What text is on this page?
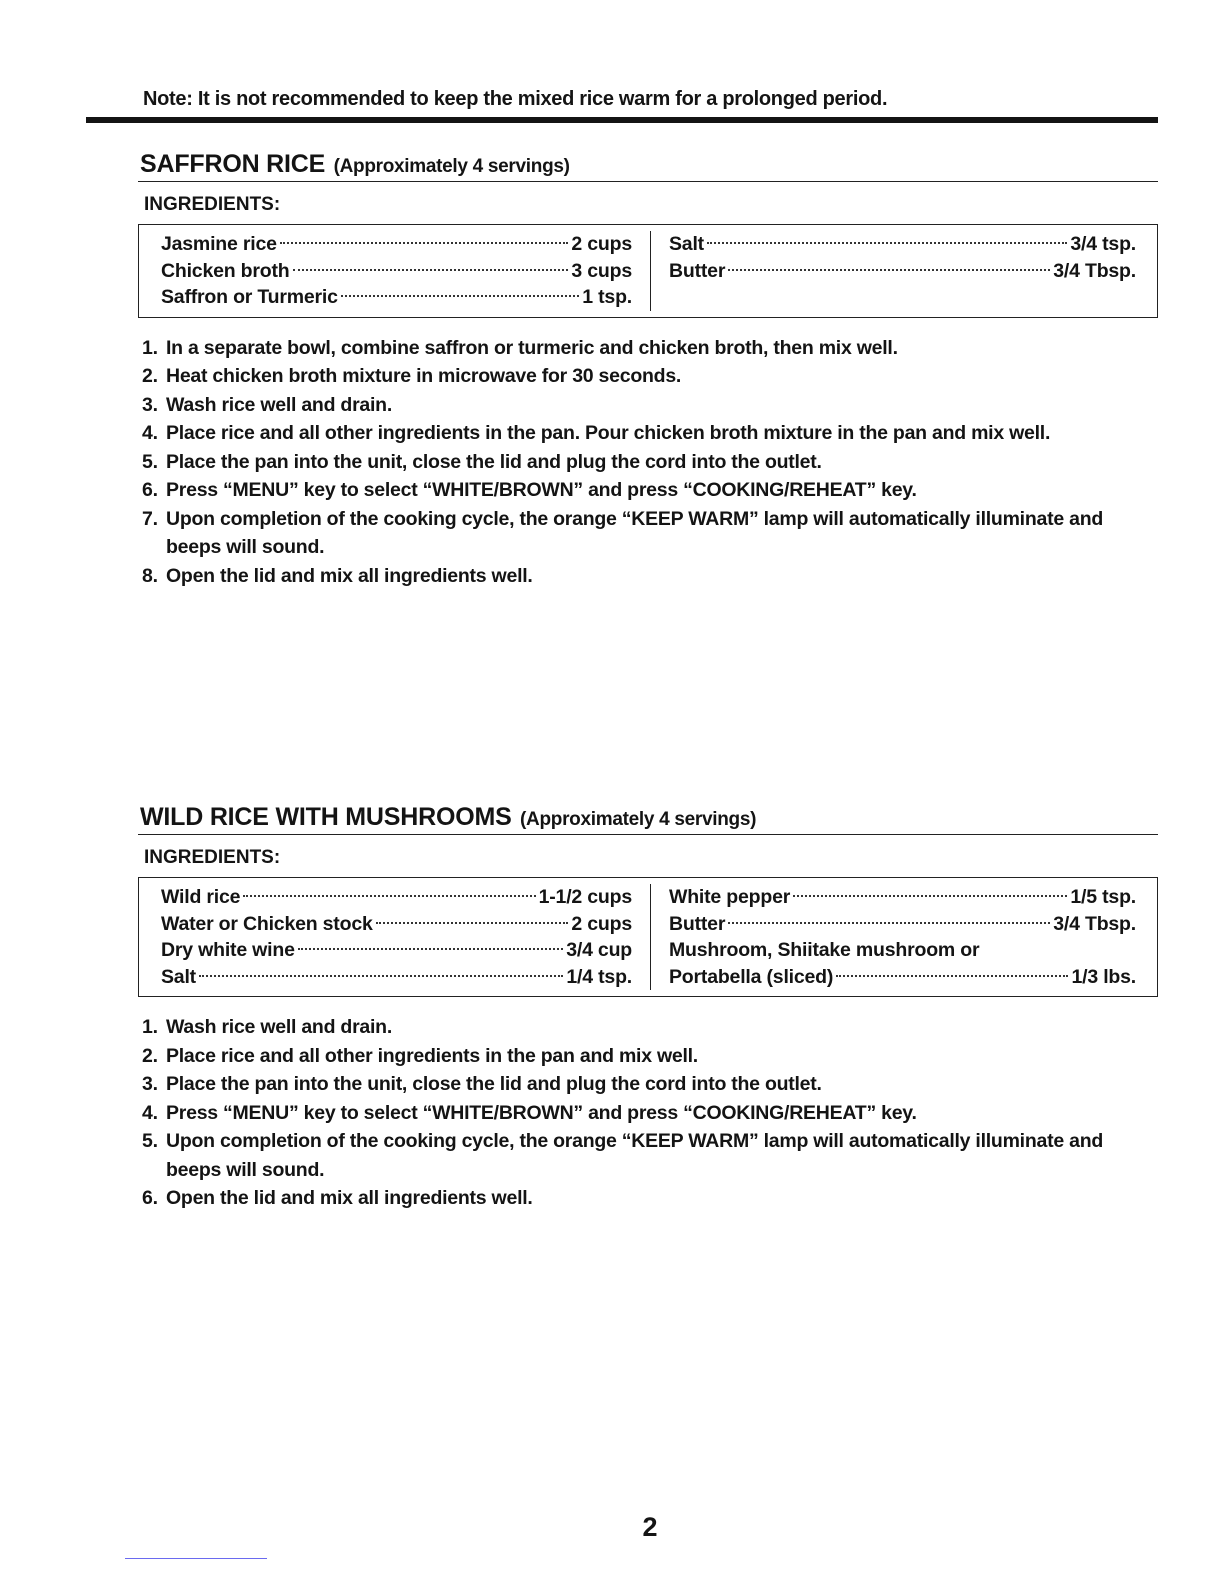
Note: It is not recommended to keep the mixed rice warm for a prolonged period.
SAFFRON RICE (Approximately 4 servings)
INGREDIENTS:
Jasmine rice	2 cups
Chicken broth	3 cups
Saffron or Turmeric	1 tsp.
Salt	3/4 tsp.
Butter	3/4 Tbsp.
1. In a separate bowl, combine saffron or turmeric and chicken broth, then mix well.
2. Heat chicken broth mixture in microwave for 30 seconds.
3. Wash rice well and drain.
4. Place rice and all other ingredients in the pan. Pour chicken broth mixture in the pan and mix well.
5. Place the pan into the unit, close the lid and plug the cord into the outlet.
6. Press “MENU” key to select “WHITE/BROWN” and press “COOKING/REHEAT” key.
7. Upon completion of the cooking cycle, the orange “KEEP WARM” lamp will automatically illuminate and beeps will sound.
8. Open the lid and mix all ingredients well.
WILD RICE WITH MUSHROOMS (Approximately 4 servings)
INGREDIENTS:
Wild rice	1-1/2 cups
Water or Chicken stock	2 cups
Dry white wine	3/4 cup
Salt	1/4 tsp.
White pepper	1/5 tsp.
Butter	3/4 Tbsp.
Mushroom, Shiitake mushroom or
Portabella (sliced)	1/3 lbs.
1. Wash rice well and drain.
2. Place rice and all other ingredients in the pan and mix well.
3. Place the pan into the unit, close the lid and plug the cord into the outlet.
4. Press “MENU” key to select “WHITE/BROWN” and press “COOKING/REHEAT” key.
5. Upon completion of the cooking cycle, the orange “KEEP WARM” lamp will automatically illuminate and beeps will sound.
6. Open the lid and mix all ingredients well.
2
